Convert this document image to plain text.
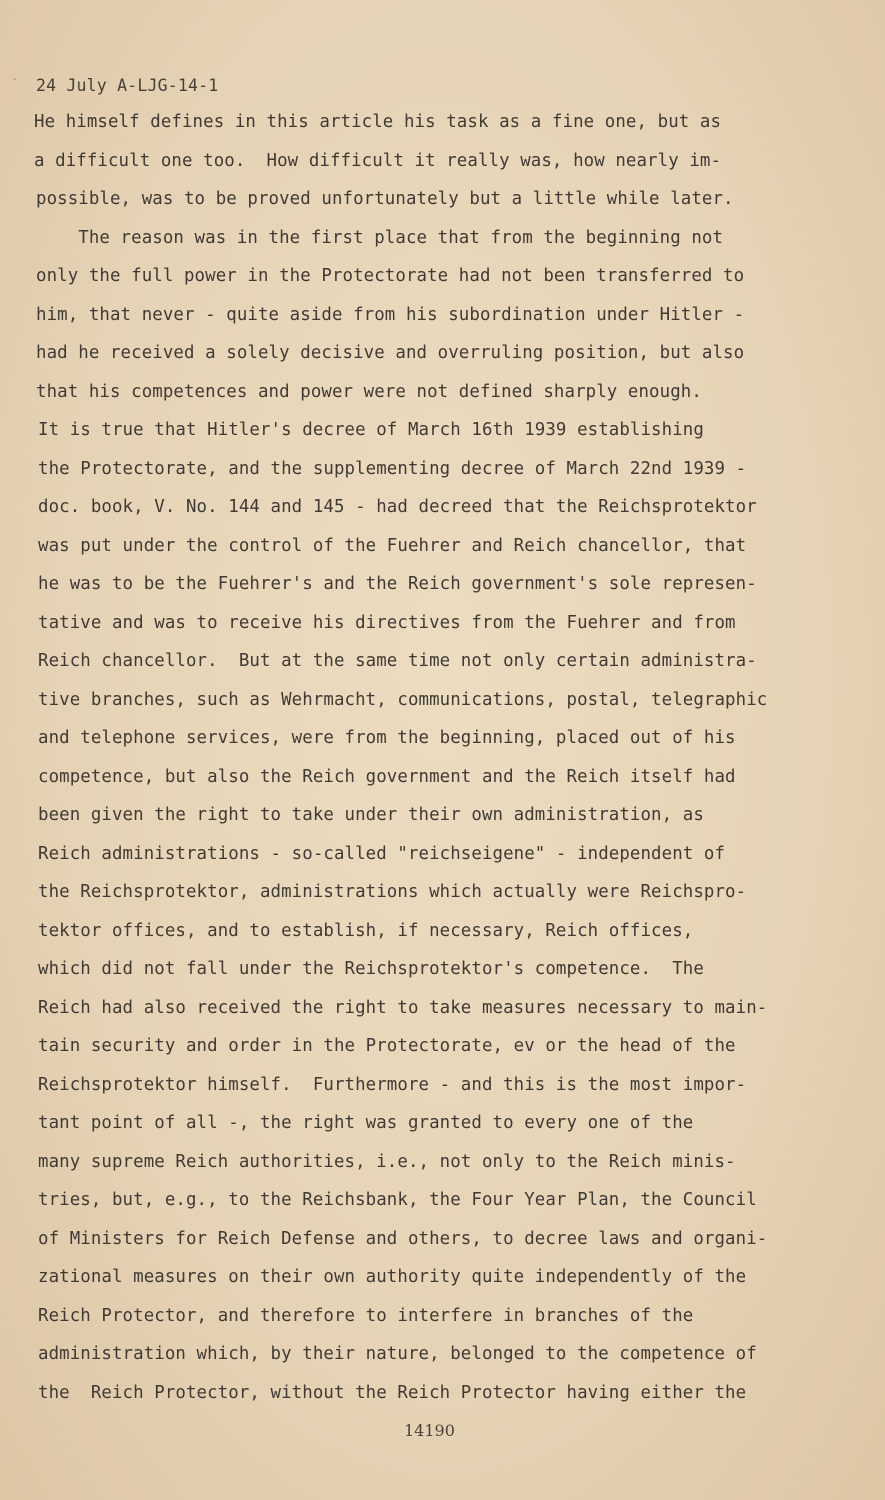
` 24 July A-LJG-14-1
He himself defines in this article his task as a fine one, but as
a difficult one too.  How difficult it really was, how nearly im-
possible, was to be proved unfortunately but a little while later.
The reason was in the first place that from the beginning not
only the full power in the Protectorate had not been transferred to
him, that never - quite aside from his subordination under Hitler -
had he received a solely decisive and overruling position, but also
that his competences and power were not defined sharply enough.
It is true that Hitler's decree of March 16th 1939 establishing
the Protectorate, and the supplementing decree of March 22nd 1939 -
doc. book, V. No. 144 and 145 - had decreed that the Reichsprotektor
was put under the control of the Fuehrer and Reich chancellor, that
he was to be the Fuehrer's and the Reich government's sole represen-
tative and was to receive his directives from the Fuehrer and from
Reich chancellor.  But at the same time not only certain administra-
tive branches, such as Wehrmacht, communications, postal, telegraphic
and telephone services, were from the beginning, placed out of his
competence, but also the Reich government and the Reich itself had
been given the right to take under their own administration, as
Reich administrations - so-called "reichseigene" - independent of
the Reichsprotektor, administrations which actually were Reichspro-
tektor offices, and to establish, if necessary, Reich offices,
which did not fall under the Reichsprotektor's competence.  The
Reich had also received the right to take measures necessary to main-
tain security and order in the Protectorate, ev or the head of the
Reichsprotektor himself.  Furthermore - and this is the most impor-
tant point of all -, the right was granted to every one of the
many supreme Reich authorities, i.e., not only to the Reich minis-
tries, but, e.g., to the Reichsbank, the Four Year Plan, the Council
of Ministers for Reich Defense and others, to decree laws and organi-
zational measures on their own authority quite independently of the
Reich Protector, and therefore to interfere in branches of the
administration which, by their nature, belonged to the competence of
the  Reich Protector, without the Reich Protector having either the
14190
